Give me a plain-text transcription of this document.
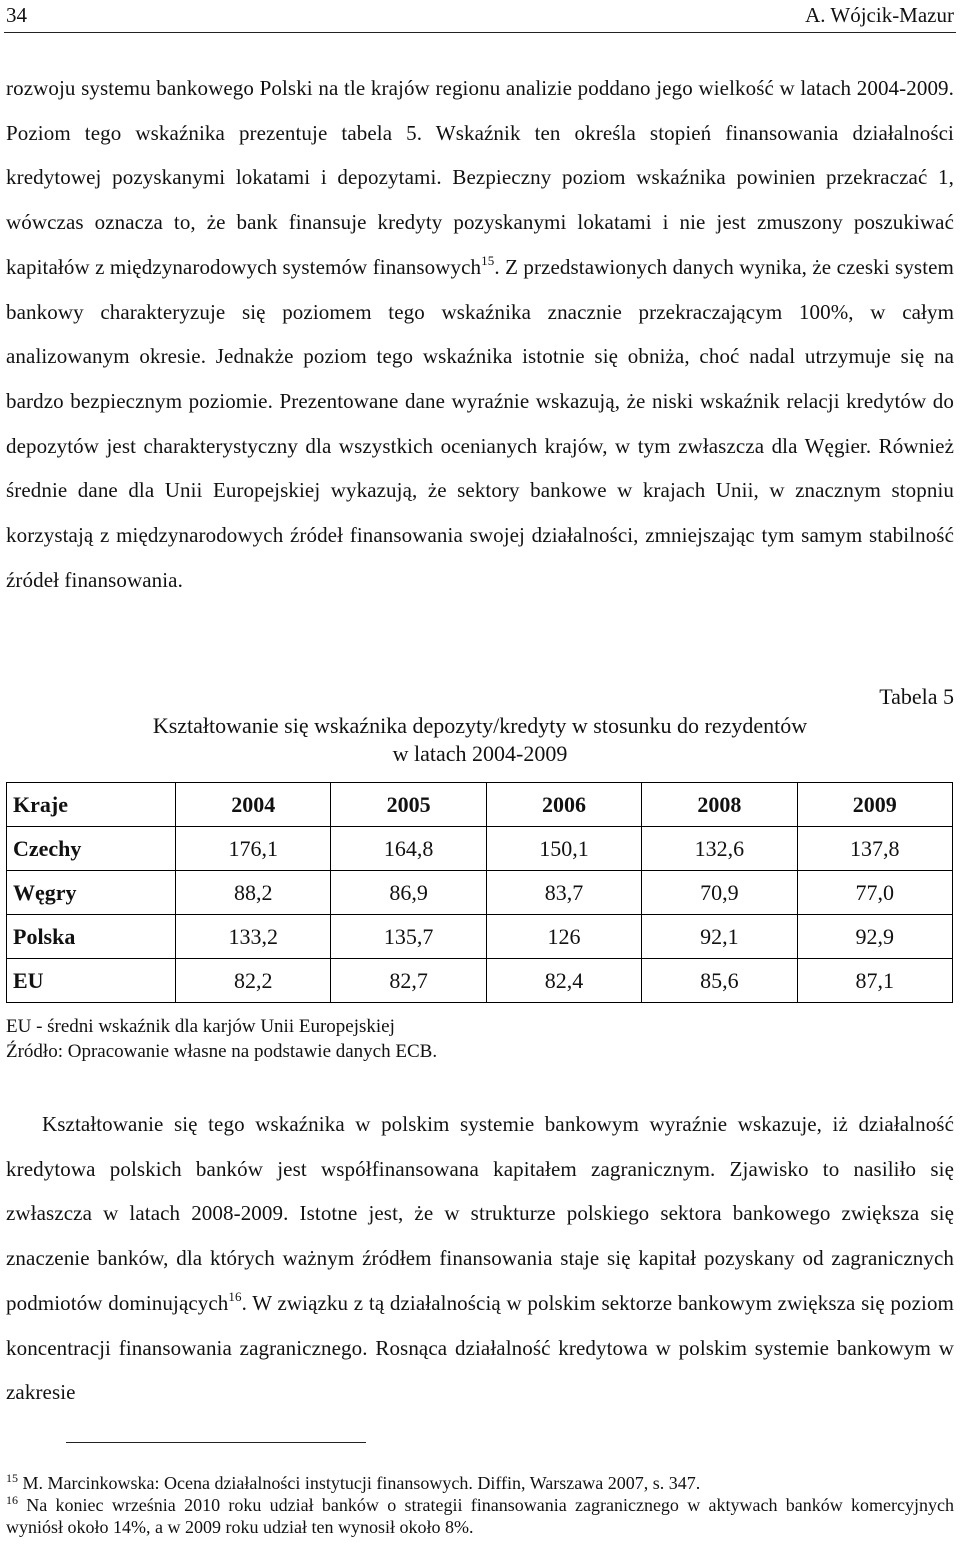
34	A. Wójcik-Mazur

rozwoju systemu bankowego Polski na tle krajów regionu analizie poddano jego wielkość w latach 2004-2009. Poziom tego wskaźnika prezentuje tabela 5. Wskaźnik ten określa stopień finansowania działalności kredytowej pozyskanymi lokatami i depozytami. Bezpieczny poziom wskaźnika powinien przekraczać 1, wówczas oznacza to, że bank finansuje kredyty pozyskanymi lokatami i nie jest zmuszony poszukiwać kapitałów z międzynarodowych systemów finansowych$^{15}$. Z przedstawionych danych wynika, że czeski system bankowy charakteryzuje się poziomem tego wskaźnika znacznie przekraczającym 100%, w całym analizowanym okresie. Jednakże poziom tego wskaźnika istotnie się obniża, choć nadal utrzymuje się na bardzo bezpiecznym poziomie. Prezentowane dane wyraźnie wskazują, że niski wskaźnik relacji kredytów do depozytów jest charakterystyczny dla wszystkich ocenianych krajów, w tym zwłaszcza dla Węgier. Również średnie dane dla Unii Europejskiej wykazują, że sektory bankowe w krajach Unii, w znacznym stopniu korzystają z międzynarodowych źródeł finansowania swojej działalności, zmniejszając tym samym stabilność źródeł finansowania.

Tabela 5
Kształtowanie się wskaźnika depozyty/kredyty w stosunku do rezydentów
w latach 2004-2009
Kraje	2004	2005	2006	2008	2009
Czechy	176,1	164,8	150,1	132,6	137,8
Węgry	88,2	86,9	83,7	70,9	77,0
Polska	133,2	135,7	126	92,1	92,9
EU	82,2	82,7	82,4	85,6	87,1
EU - średni wskaźnik dla karjów Unii Europejskiej
Źródło: Opracowanie własne na podstawie danych ECB.

Kształtowanie się tego wskaźnika w polskim systemie bankowym wyraźnie wskazuje, iż działalność kredytowa polskich banków jest współfinansowana kapitałem zagranicznym. Zjawisko to nasiliło się zwłaszcza w latach 2008-2009. Istotne jest, że w strukturze polskiego sektora bankowego zwiększa się znaczenie banków, dla których ważnym źródłem finansowania staje się kapitał pozyskany od zagranicznych podmiotów dominujących$^{16}$. W związku z tą działalnością w polskim sektorze bankowym zwiększa się poziom koncentracji finansowania zagranicznego. Rosnąca działalność kredytowa w polskim systemie bankowym w zakresie

$^{15}$ M. Marcinkowska: Ocena działalności instytucji finansowych. Diffin, Warszawa 2007, s. 347.

$^{16}$ Na koniec września 2010 roku udział banków o strategii finansowania zagranicznego w aktywach banków komercyjnych wyniósł około 14%, a w 2009 roku udział ten wynosił około 8%.
